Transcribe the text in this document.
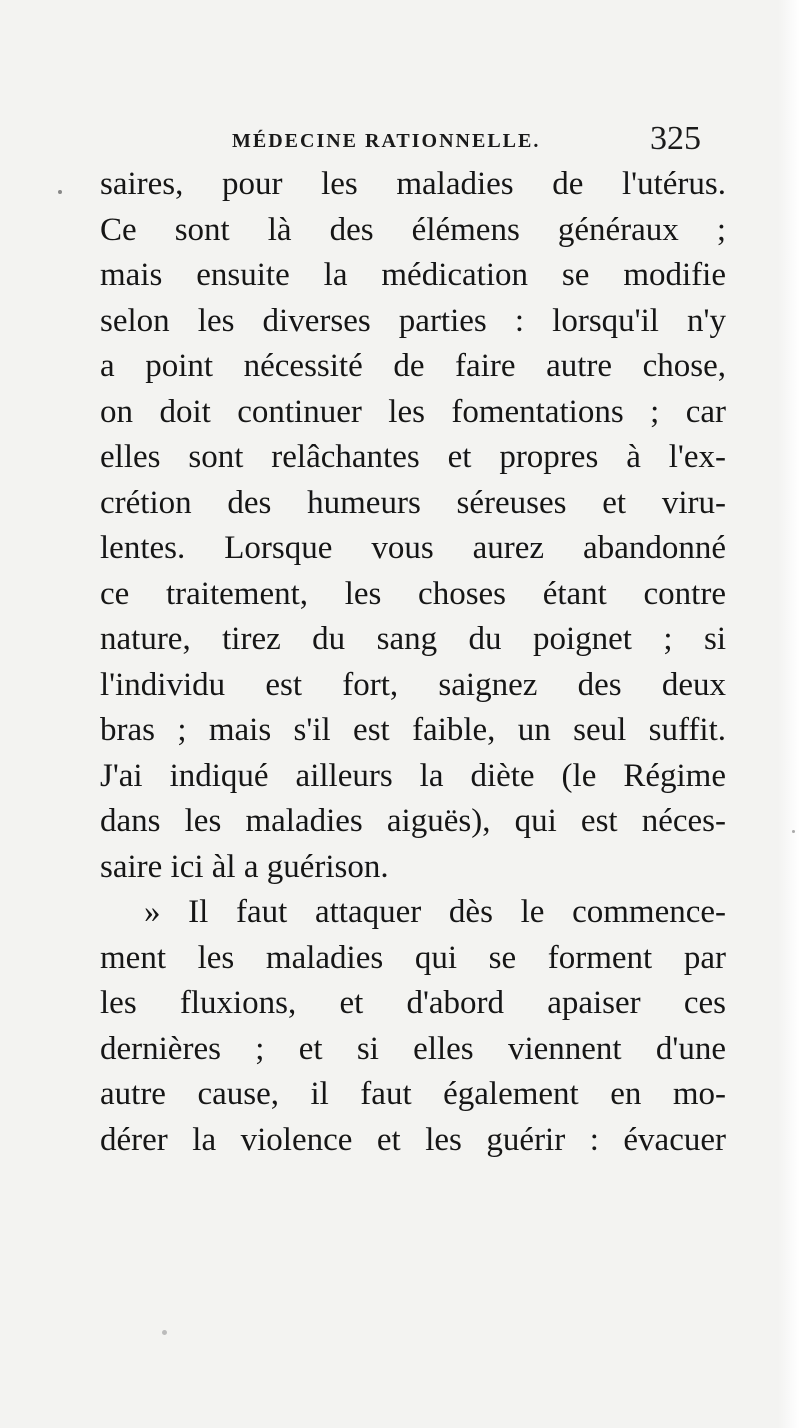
MÉDECINE RATIONNELLE.	325
saires, pour les maladies de l'utérus.
Ce sont là des élémens généraux ;
mais ensuite la médication se modifie
selon les diverses parties : lorsqu'il n'y
a point nécessité de faire autre chose,
on doit continuer les fomentations ; car
elles sont relâchantes et propres à l'ex-
crétion des humeurs séreuses et viru-
lentes. Lorsque vous aurez abandonné
ce traitement, les choses étant contre
nature, tirez du sang du poignet ; si
l'individu est fort, saignez des deux
bras ; mais s'il est faible, un seul suffit.
J'ai indiqué ailleurs la diète (le Régime
dans les maladies aiguës), qui est néces-
saire ici àl a guérison.
» Il faut attaquer dès le commence-
ment les maladies qui se forment par
les fluxions, et d'abord apaiser ces
dernières ; et si elles viennent d'une
autre cause, il faut également en mo-
dérer la violence et les guérir : évacuer
